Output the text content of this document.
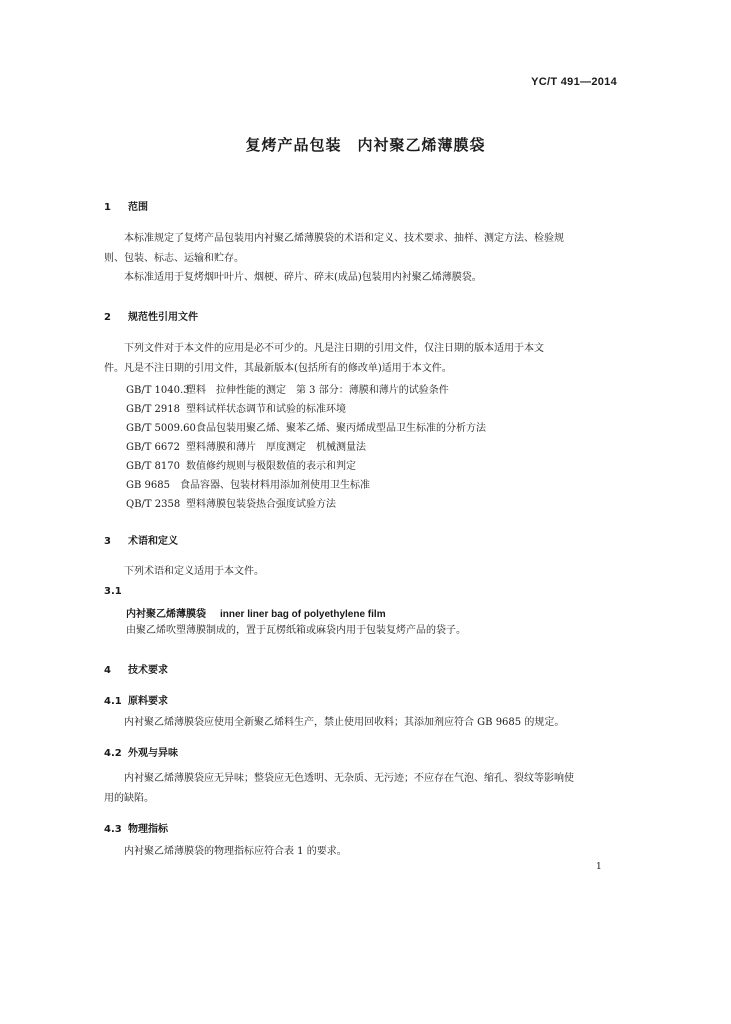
YC/T 491—2014
复烤产品包装　内衬聚乙烯薄膜袋
1 范围
本标准规定了复烤产品包装用内衬聚乙烯薄膜袋的术语和定义、技术要求、抽样、测定方法、检验规
则、包装、标志、运输和贮存。
本标准适用于复烤烟叶叶片、烟梗、碎片、碎末(成品)包装用内衬聚乙烯薄膜袋。
2 规范性引用文件
下列文件对于本文件的应用是必不可少的。凡是注日期的引用文件，仅注日期的版本适用于本文
件。凡是不注日期的引用文件，其最新版本(包括所有的修改单)适用于本文件。
GB/T 1040.3塑料　拉伸性能的测定　第 3 部分：薄膜和薄片的试验条件
GB/T 2918 塑料试样状态调节和试验的标准环境
GB/T 5009.60食品包装用聚乙烯、聚苯乙烯、聚丙烯成型品卫生标准的分析方法
GB/T 6672 塑料薄膜和薄片　厚度测定　机械测量法
GB/T 8170 数值修约规则与极限数值的表示和判定
GB 9685 食品容器、包装材料用添加剂使用卫生标准
QB/T 2358 塑料薄膜包装袋热合强度试验方法
3 术语和定义
下列术语和定义适用于本文件。
3.1
内衬聚乙烯薄膜袋 inner liner bag of polyethylene film
由聚乙烯吹塑薄膜制成的，置于瓦楞纸箱或麻袋内用于包装复烤产品的袋子。
4 技术要求
4.1 原料要求
内衬聚乙烯薄膜袋应使用全新聚乙烯料生产，禁止使用回收料；其添加剂应符合 GB 9685 的规定。
4.2 外观与异味
内衬聚乙烯薄膜袋应无异味；整袋应无色透明、无杂质、无污迹；不应存在气泡、缩孔、裂纹等影响使
用的缺陷。
4.3 物理指标
内衬聚乙烯薄膜袋的物理指标应符合表 1 的要求。
1
